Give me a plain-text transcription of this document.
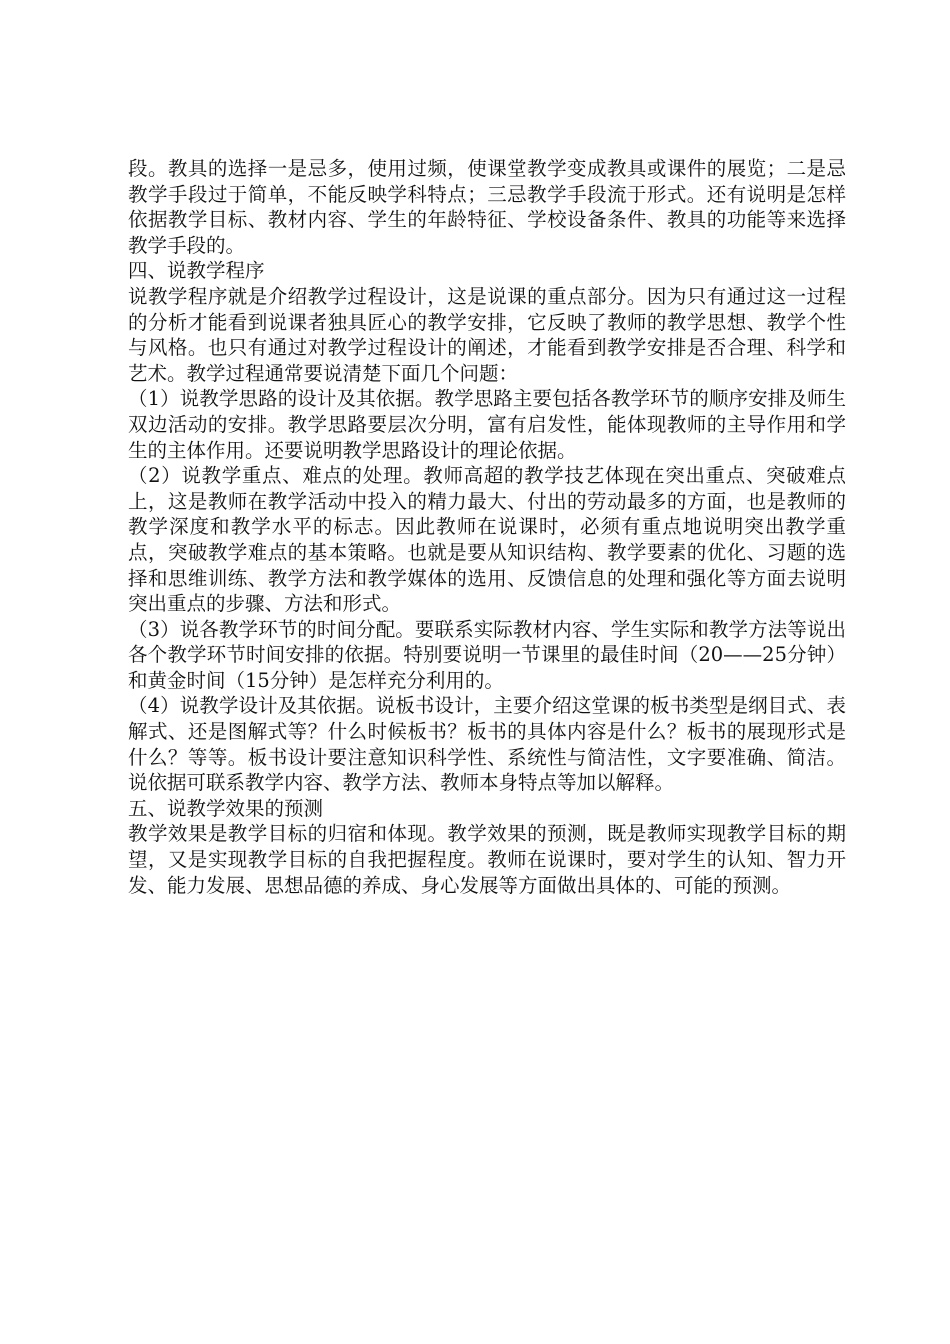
段。教具的选择一是忌多，使用过频，使课堂教学变成教具或课件的展览；二是忌教学手段过于简单，不能反映学科特点；三忌教学手段流于形式。还有说明是怎样依据教学目标、教材内容、学生的年龄特征、学校设备条件、教具的功能等来选择教学手段的。

四、说教学程序

说教学程序就是介绍教学过程设计，这是说课的重点部分。因为只有通过这一过程的分析才能看到说课者独具匠心的教学安排，它反映了教师的教学思想、教学个性与风格。也只有通过对教学过程设计的阐述，才能看到教学安排是否合理、科学和艺术。教学过程通常要说清楚下面几个问题：

（1）说教学思路的设计及其依据。教学思路主要包括各教学环节的顺序安排及师生双边活动的安排。教学思路要层次分明，富有启发性，能体现教师的主导作用和学生的主体作用。还要说明教学思路设计的理论依据。

（2）说教学重点、难点的处理。教师高超的教学技艺体现在突出重点、突破难点上，这是教师在教学活动中投入的精力最大、付出的劳动最多的方面，也是教师的教学深度和教学水平的标志。因此教师在说课时，必须有重点地说明突出教学重点，突破教学难点的基本策略。也就是要从知识结构、教学要素的优化、习题的选择和思维训练、教学方法和教学媒体的选用、反馈信息的处理和强化等方面去说明突出重点的步骤、方法和形式。

（3）说各教学环节的时间分配。要联系实际教材内容、学生实际和教学方法等说出各个教学环节时间安排的依据。特别要说明一节课里的最佳时间（20——25分钟）和黄金时间（15分钟）是怎样充分利用的。

（4）说教学设计及其依据。说板书设计，主要介绍这堂课的板书类型是纲目式、表解式、还是图解式等？什么时候板书？板书的具体内容是什么？板书的展现形式是什么？等等。板书设计要注意知识科学性、系统性与简洁性，文字要准确、简洁。说依据可联系教学内容、教学方法、教师本身特点等加以解释。

五、说教学效果的预测

教学效果是教学目标的归宿和体现。教学效果的预测，既是教师实现教学目标的期望，又是实现教学目标的自我把握程度。教师在说课时，要对学生的认知、智力开发、能力发展、思想品德的养成、身心发展等方面做出具体的、可能的预测。
